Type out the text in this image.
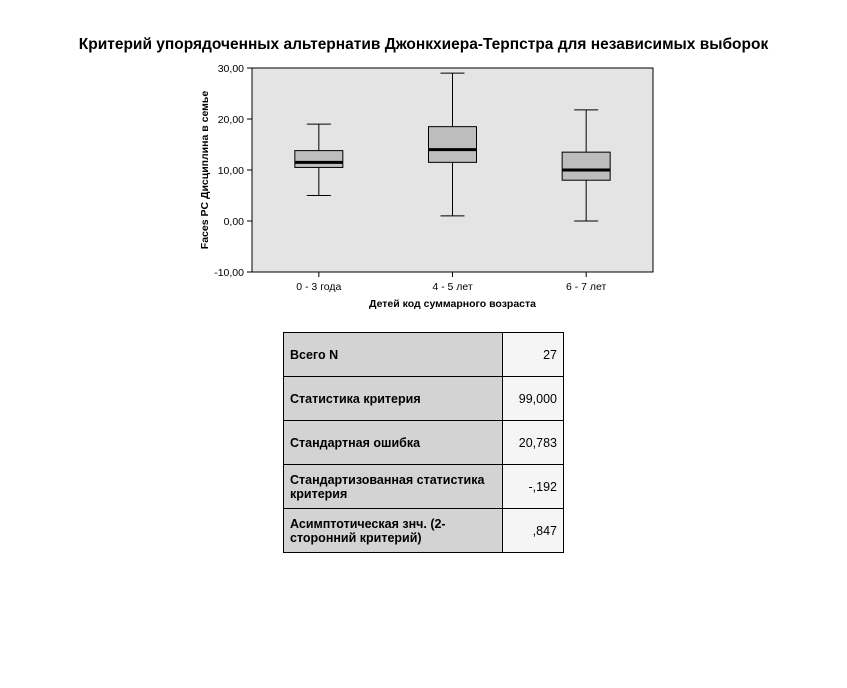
Критерий упорядоченных альтернатив Джонкхиера-Терпстра для независимых выборок
-10,00
0,00
10,00
20,00
30,00
Faces PC Дисциплина в семье
0 - 3 года	4 - 5 лет	6 - 7 лет
Детей код суммарного возраста
Всего N	27
Статистика критерия	99,000
Стандартная ошибка	20,783
Стандартизованная статистика критерия	-,192
Асимптотическая знч. (2-сторонний критерий)	,847
